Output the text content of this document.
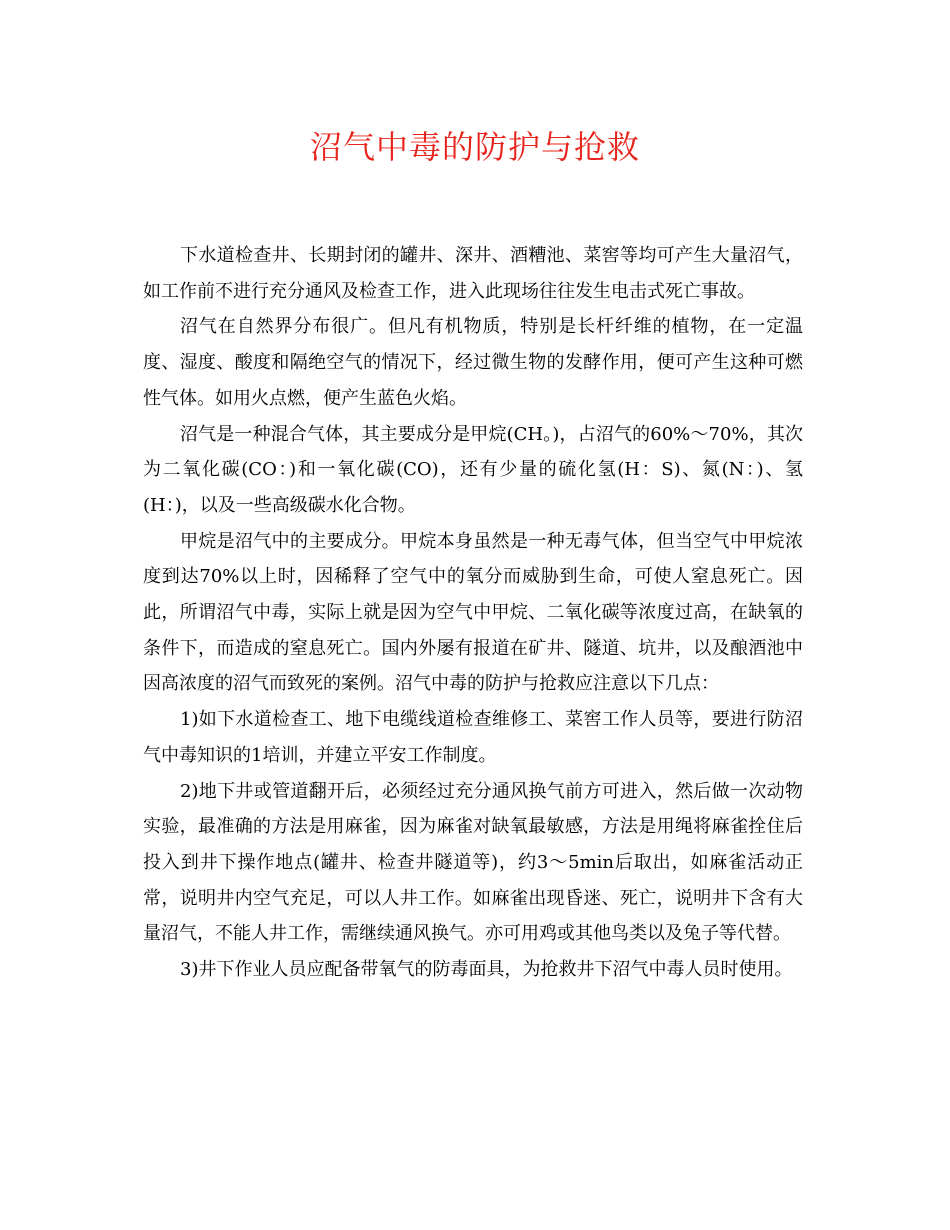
沼气中毒的防护与抢救

下水道检查井、长期封闭的罐井、深井、酒糟池、菜窖等均可产生大量沼气，如工作前不进行充分通风及检查工作，进入此现场往往发生电击式死亡事故。

沼气在自然界分布很广。但凡有机物质，特别是长杆纤维的植物，在一定温度、湿度、酸度和隔绝空气的情况下，经过微生物的发酵作用，便可产生这种可燃性气体。如用火点燃，便产生蓝色火焰。

沼气是一种混合气体，其主要成分是甲烷(CH。)，占沼气的60%～70%，其次为二氧化碳(CO：)和一氧化碳(CO)，还有少量的硫化氢(H：S)、氮(N：)、氢(H：)，以及一些高级碳水化合物。

甲烷是沼气中的主要成分。甲烷本身虽然是一种无毒气体，但当空气中甲烷浓度到达70%以上时，因稀释了空气中的氧分而威胁到生命，可使人窒息死亡。因此，所谓沼气中毒，实际上就是因为空气中甲烷、二氧化碳等浓度过高，在缺氧的条件下，而造成的窒息死亡。国内外屡有报道在矿井、隧道、坑井，以及酿酒池中因高浓度的沼气而致死的案例。沼气中毒的防护与抢救应注意以下几点：

1)如下水道检查工、地下电缆线道检查维修工、菜窖工作人员等，要进行防沼气中毒知识的1培训，并建立平安工作制度。

2)地下井或管道翻开后，必须经过充分通风换气前方可进入，然后做一次动物实验，最准确的方法是用麻雀，因为麻雀对缺氧最敏感，方法是用绳将麻雀拴住后投入到井下操作地点(罐井、检查井隧道等)，约3～5min后取出，如麻雀活动正常，说明井内空气充足，可以人井工作。如麻雀出现昏迷、死亡，说明井下含有大量沼气，不能人井工作，需继续通风换气。亦可用鸡或其他鸟类以及兔子等代替。

3)井下作业人员应配备带氧气的防毒面具，为抢救井下沼气中毒人员时使用。
